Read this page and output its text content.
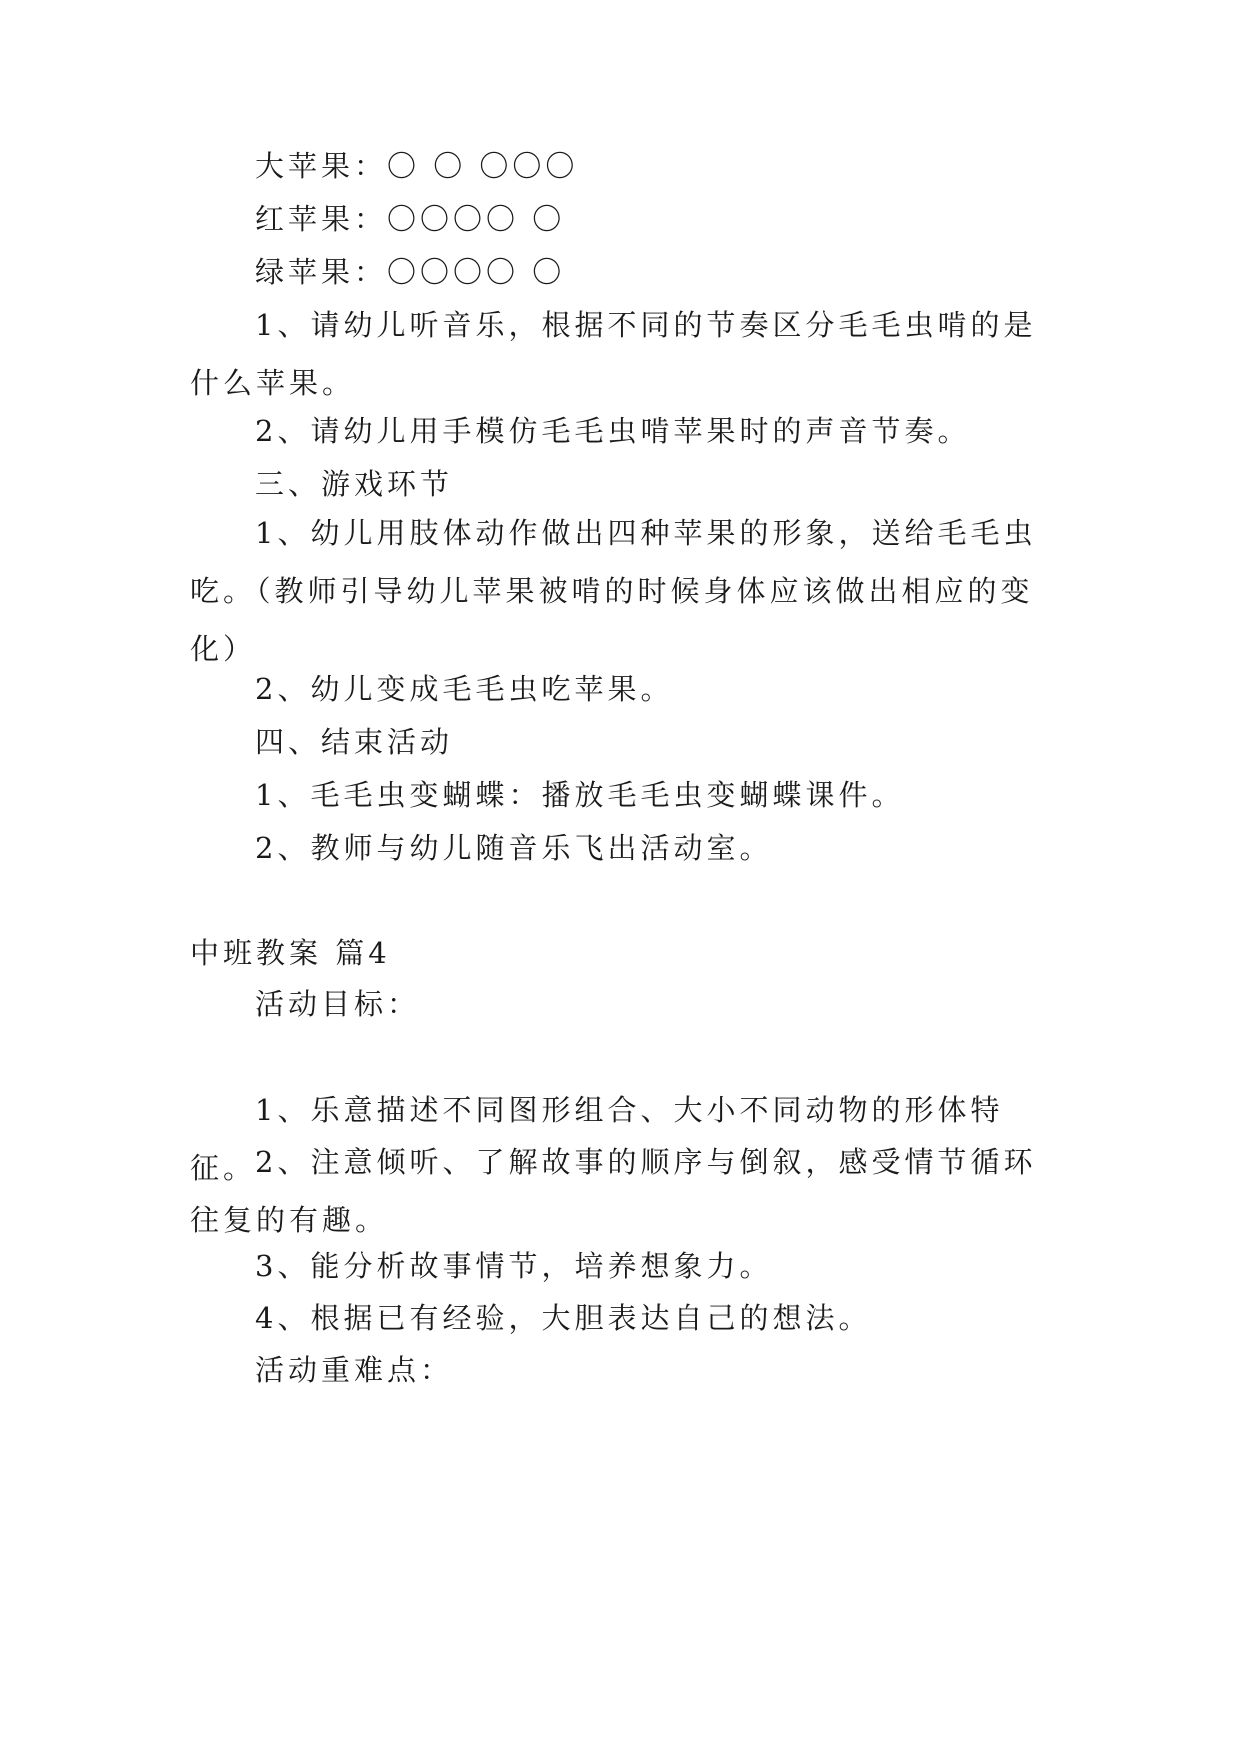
大苹果：〇 〇 〇〇〇

红苹果：〇〇〇〇 〇

绿苹果：〇〇〇〇 〇

1、请幼儿听音乐，根据不同的节奏区分毛毛虫啃的是什么苹果。

2、请幼儿用手模仿毛毛虫啃苹果时的声音节奏。

三、游戏环节

1、幼儿用肢体动作做出四种苹果的形象，送给毛毛虫吃。（教师引导幼儿苹果被啃的时候身体应该做出相应的变化）

2、幼儿变成毛毛虫吃苹果。

四、结束活动

1、毛毛虫变蝴蝶：播放毛毛虫变蝴蝶课件。

2、教师与幼儿随音乐飞出活动室。

中班教案 篇4

活动目标：

1、乐意描述不同图形组合、大小不同动物的形体特征。

2、注意倾听、了解故事的顺序与倒叙，感受情节循环往复的有趣。

3、能分析故事情节，培养想象力。

4、根据已有经验，大胆表达自己的想法。

活动重难点：
